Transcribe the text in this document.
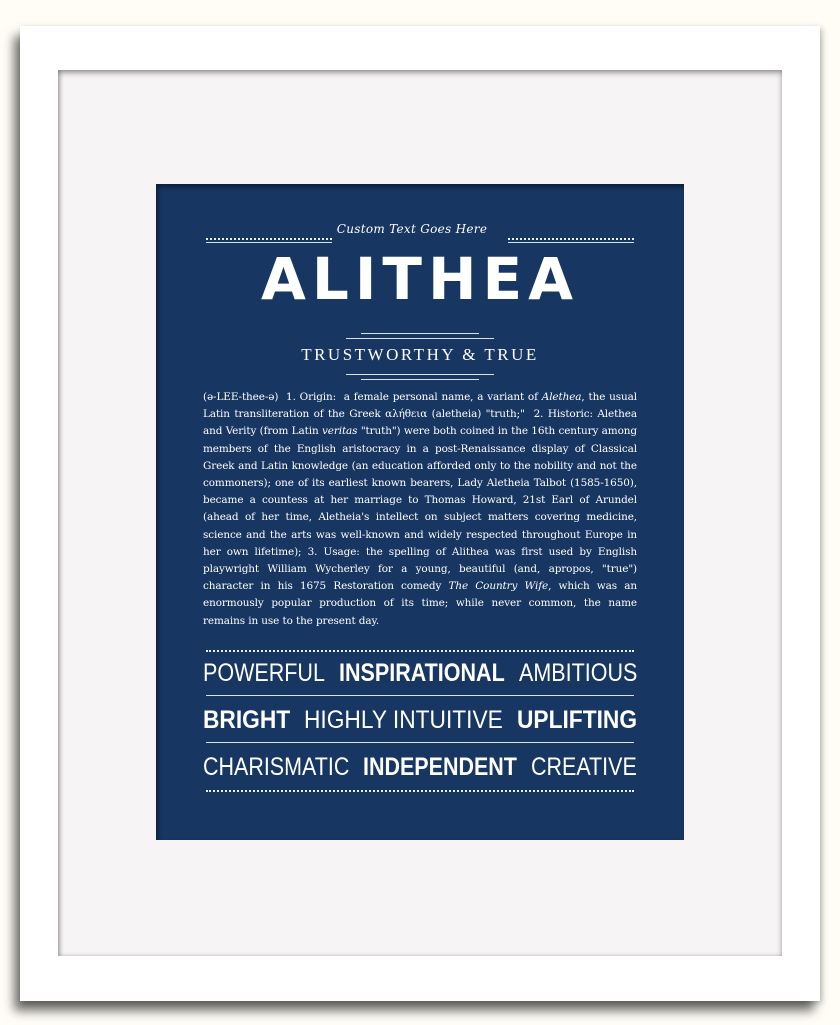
Custom Text Goes Here
ALITHEA
TRUSTWORTHY & TRUE
(ə-LEE-thee-ə)  1. Origin:  a female personal name, a variant of Alethea, the usual Latin transliteration of the Greek αλήθεια (aletheia) "truth;"  2. Historic: Alethea and Verity (from Latin veritas "truth") were both coined in the 16th century among members of the English aristocracy in a post-Renaissance display of Classical Greek and Latin knowledge (an education afforded only to the nobility and not the commoners); one of its earliest known bearers, Lady Aletheia Talbot (1585-1650), became a countess at her marriage to Thomas Howard, 21st Earl of Arundel (ahead of her time, Aletheia's intellect on subject matters covering medicine, science and the arts was well-known and widely respected throughout Europe in her own lifetime); 3. Usage: the spelling of Alithea was first used by English playwright William Wycherley for a young, beautiful (and, apropos, "true") character in his 1675 Restoration comedy The Country Wife, which was an enormously popular production of its time; while never common, the name remains in use to the present day.
POWERFUL INSPIRATIONAL AMBITIOUS
BRIGHT HIGHLY INTUITIVE UPLIFTING
CHARISMATIC INDEPENDENT CREATIVE
